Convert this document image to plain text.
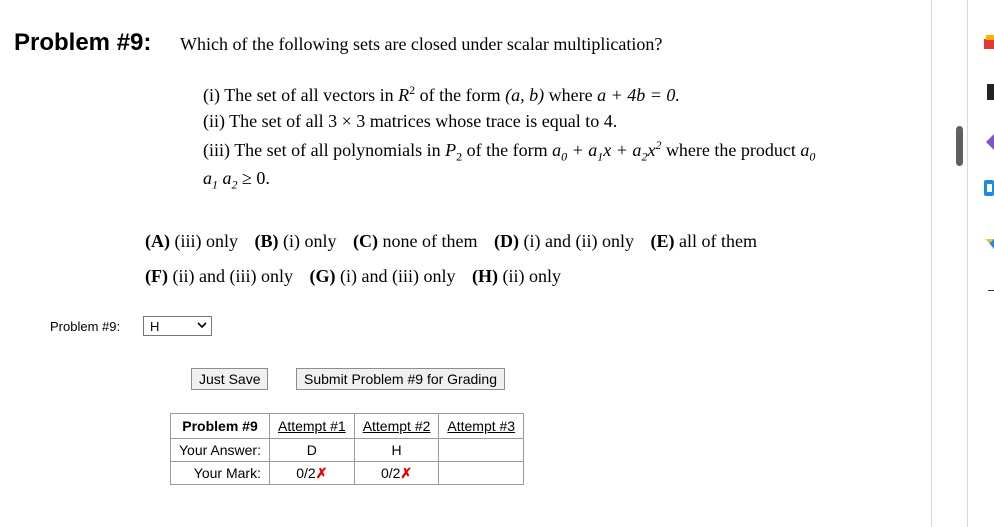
Problem #9: Which of the following sets are closed under scalar multiplication?
(i) The set of all vectors in $R^2$ of the form (a, b) where a + 4b = 0.
(ii) The set of all 3 × 3 matrices whose trace is equal to 4.
(iii) The set of all polynomials in $P_2$ of the form $a_0 + a_1x + a_2x^2$ where the product $a_0$
$a_1$ $a_2 \ge 0$.
(A) (iii) only (B) (i) only (C) none of them (D) (i) and (ii) only (E) all of them
(F) (ii) and (iii) only (G) (i) and (iii) only (H) (ii) only
Problem #9:
H
Just Save	Submit Problem #9 for Grading
Problem #9	Attempt #1	Attempt #2	Attempt #3
Your Answer:	D	H	
Your Mark:	0/2✗	0/2✗	
